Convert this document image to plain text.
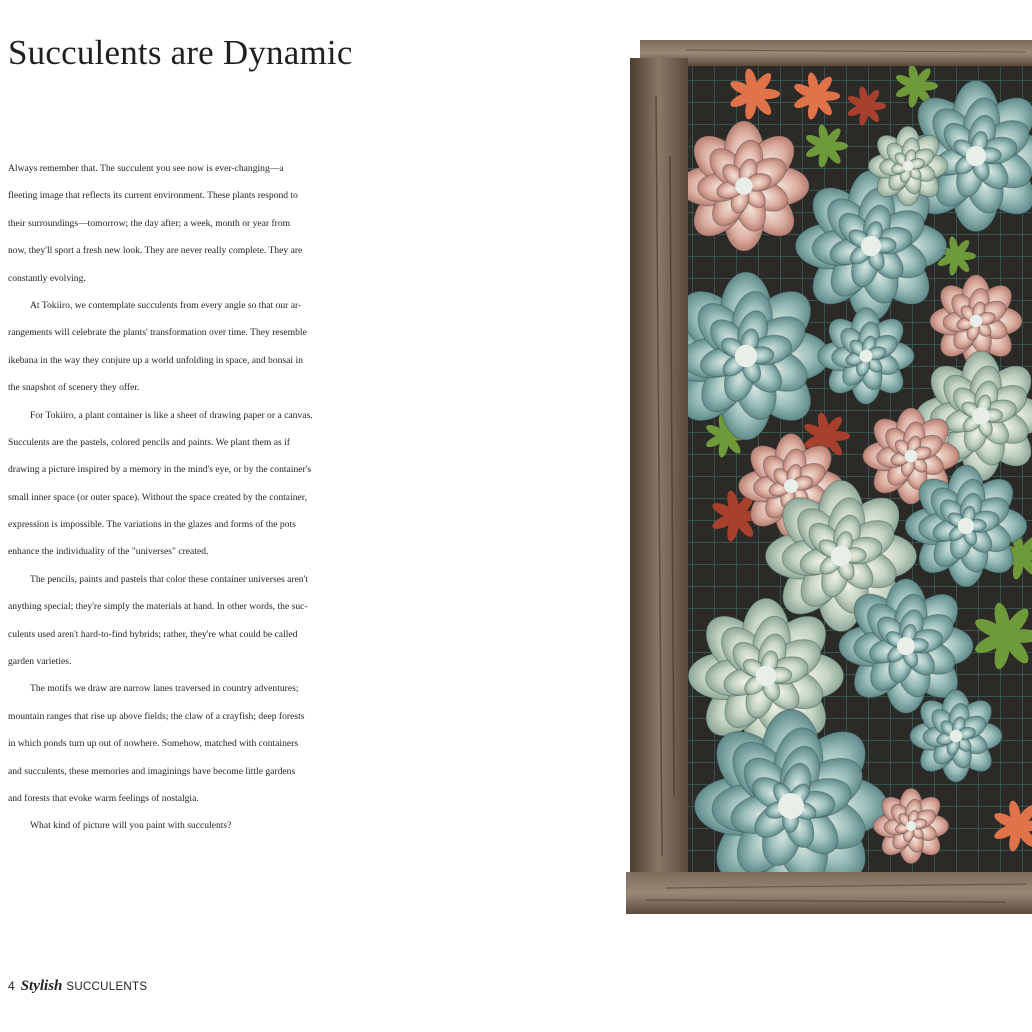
Succulents are Dynamic
Always remember that. The succulent you see now is ever-changing—a
fleeting image that reflects its current environment. These plants respond to
their surroundings—tomorrow; the day after; a week, month or year from
now, they'll sport a fresh new look. They are never really complete. They are
constantly evolving.
At Tokiiro, we contemplate succulents from every angle so that our ar-
rangements will celebrate the plants' transformation over time. They resemble
ikebana in the way they conjure up a world unfolding in space, and bonsai in
the snapshot of scenery they offer.
For Tokiiro, a plant container is like a sheet of drawing paper or a canvas.
Succulents are the pastels, colored pencils and paints. We plant them as if
drawing a picture inspired by a memory in the mind's eye, or by the container's
small inner space (or outer space). Without the space created by the container,
expression is impossible. The variations in the glazes and forms of the pots
enhance the individuality of the "universes" created.
The pencils, paints and pastels that color these container universes aren't
anything special; they're simply the materials at hand. In other words, the suc-
culents used aren't hard-to-find hybrids; rather, they're what could be called
garden varieties.
The motifs we draw are narrow lanes traversed in country adventures;
mountain ranges that rise up above fields; the claw of a crayfish; deep forests
in which ponds turn up out of nowhere. Somehow, matched with containers
and succulents, these memories and imaginings have become little gardens
and forests that evoke warm feelings of nostalgia.
What kind of picture will you paint with succulents?
4 Stylish SUCCULENTS
